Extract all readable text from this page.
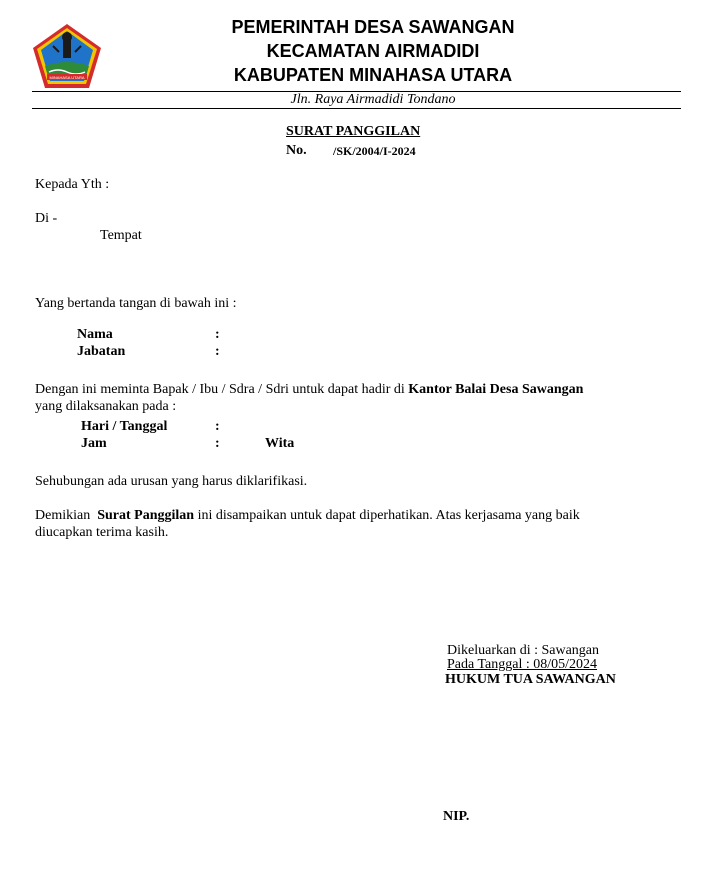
MINAHASA UTARA
PEMERINTAH DESA SAWANGAN
KECAMATAN AIRMADIDI
KABUPATEN MINAHASA UTARA
Jln. Raya Airmadidi Tondano
SURAT PANGGILAN
No. /SK/2004/I-2024
Kepada Yth :
Di -
Tempat
Yang bertanda tangan di bawah ini :
Nama	:
Jabatan	:
Dengan ini meminta Bapak / Ibu / Sdra / Sdri untuk dapat hadir di Kantor Balai Desa Sawangan
yang dilaksanakan pada :
Hari / Tanggal	:
Jam	:	Wita
Sehubungan ada urusan yang harus diklarifikasi.
Demikian Surat Panggilan ini disampaikan untuk dapat diperhatikan. Atas kerjasama yang baik
diucapkan terima kasih.
Dikeluarkan di : Sawangan
Pada Tanggal : 08/05/2024
HUKUM TUA SAWANGAN
NIP.
